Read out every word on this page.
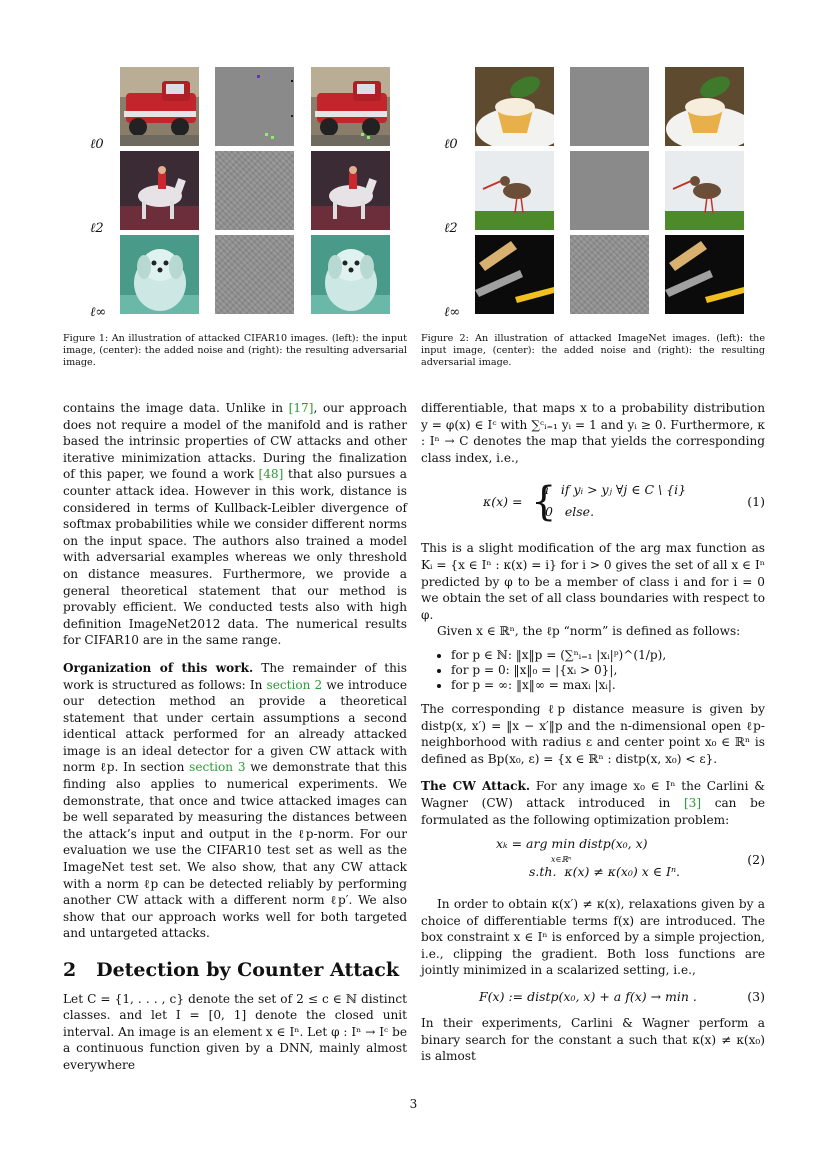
ℓ0
ℓ2
ℓ∞
Figure 1: An illustration of attacked CIFAR10 images. (left): the input image, (center): the added noise and (right): the resulting adversarial image.
ℓ0
ℓ2
ℓ∞
Figure 2: An illustration of attacked ImageNet images. (left): the input image, (center): the added noise and (right): the resulting adversarial image.

contains the image data. Unlike in [17], our approach does not require a model of the manifold and is rather based the intrinsic properties of CW attacks and other iterative minimization attacks. During the finalization of this paper, we found a work [48] that also pursues a counter attack idea. However in this work, distance is considered in terms of Kullback-Leibler divergence of softmax probabilities while we consider different norms on the input space. The authors also trained a model with adversarial examples whereas we only threshold on distance measures. Furthermore, we provide a general theoretical statement that our method is provably efficient. We conducted tests also with high definition ImageNet2012 data. The numerical results for CIFAR10 are in the same range.

Organization of this work. The remainder of this work is structured as follows: In section 2 we introduce our detection method an provide a theoretical statement that under certain assumptions a second identical attack performed for an already attacked image is an ideal detector for a given CW attack with norm ℓp. In section section 3 we demonstrate that this finding also applies to numerical experiments. We demonstrate, that once and twice attacked images can be well separated by measuring the distances between the attack’s input and output in the ℓp-norm. For our evaluation we use the CIFAR10 test set as well as the ImageNet test set. We also show, that any CW attack with a norm ℓp can be detected reliably by performing another CW attack with a different norm ℓp′. We also show that our approach works well for both targeted and untargeted attacks.

2 Detection by Counter Attack

Let C = {1, . . . , c} denote the set of 2 ≤ c ∈ ℕ distinct classes. and let I = [0, 1] denote the closed unit interval. An image is an element x ∈ Iⁿ. Let φ : Iⁿ → Iᶜ be a continuous function given by a DNN, mainly almost everywhere

differentiable, that maps x to a probability distribution y = φ(x) ∈ Iᶜ with ∑ᶜᵢ₌₁ yᵢ = 1 and yᵢ ≥ 0. Furthermore, κ : Iⁿ → C denotes the map that yields the corresponding class index, i.e.,

κ(x) = {
i   if yᵢ > yⱼ ∀j ∈ C \ {i}
0   else.
(1)

This is a slight modification of the arg max function as Kᵢ = {x ∈ Iⁿ : κ(x) = i} for i > 0 gives the set of all x ∈ Iⁿ predicted by φ to be a member of class i and for i = 0 we obtain the set of all class boundaries with respect to φ.

Given x ∈ ℝⁿ, the ℓp “norm” is defined as follows:

• for p ∈ ℕ: ‖x‖p = (∑ⁿᵢ₌₁ |xᵢ|ᵖ)^(1/p),
• for p = 0: ‖x‖₀ = |{xᵢ > 0}|,
• for p = ∞: ‖x‖∞ = maxᵢ |xᵢ|.

The corresponding ℓp distance measure is given by distp(x, x′) = ‖x − x′‖p and the n-dimensional open ℓp-neighborhood with radius ε and center point x₀ ∈ ℝⁿ is defined as Bp(x₀, ε) = {x ∈ ℝⁿ : distp(x, x₀) < ε}.

The CW Attack. For any image x₀ ∈ Iⁿ the Carlini & Wagner (CW) attack introduced in [3] can be formulated as the following optimization problem:

xₖ = arg min distp(x₀, x)
x∈ℝⁿ
s.th.  κ(x) ≠ κ(x₀) x ∈ Iⁿ.
(2)

In order to obtain κ(x′) ≠ κ(x), relaxations given by a choice of differentiable terms f(x) are introduced. The box constraint x ∈ Iⁿ is enforced by a simple projection, i.e., clipping the gradient. Both loss functions are jointly minimized in a scalarized setting, i.e.,

F(x) := distp(x₀, x) + a f(x) → min .	(3)

In their experiments, Carlini & Wagner perform a binary search for the constant a such that κ(x) ≠ κ(x₀) is almost

3
